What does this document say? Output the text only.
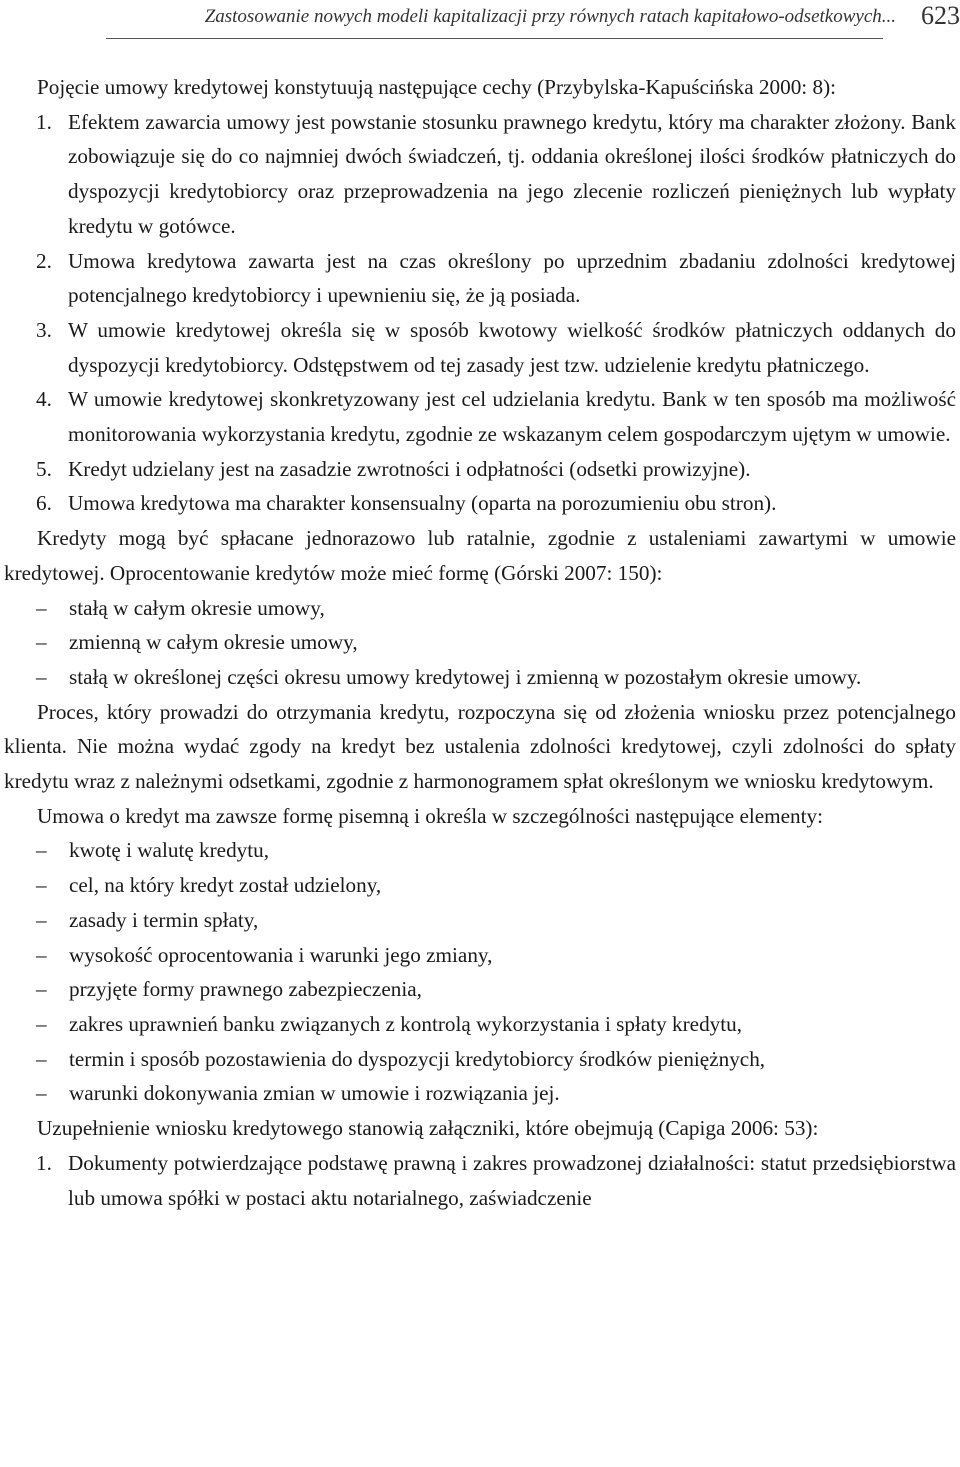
Zastosowanie nowych modeli kapitalizacji przy równych ratach kapitałowo-odsetkowych... 623

Pojęcie umowy kredytowej konstytuują następujące cechy (Przybylska-Kapuścińska 2000: 8):

1. Efektem zawarcia umowy jest powstanie stosunku prawnego kredytu, który ma charakter złożony. Bank zobowiązuje się do co najmniej dwóch świadczeń, tj. oddania określonej ilości środków płatniczych do dyspozycji kredytobiorcy oraz przeprowadzenia na jego zlecenie rozliczeń pieniężnych lub wypłaty kredytu w gotówce.
2. Umowa kredytowa zawarta jest na czas określony po uprzednim zbadaniu zdolności kredytowej potencjalnego kredytobiorcy i upewnieniu się, że ją posiada.
3. W umowie kredytowej określa się w sposób kwotowy wielkość środków płatniczych oddanych do dyspozycji kredytobiorcy. Odstępstwem od tej zasady jest tzw. udzielenie kredytu płatniczego.
4. W umowie kredytowej skonkretyzowany jest cel udzielania kredytu. Bank w ten sposób ma możliwość monitorowania wykorzystania kredytu, zgodnie ze wskazanym celem gospodarczym ujętym w umowie.
5. Kredyt udzielany jest na zasadzie zwrotności i odpłatności (odsetki prowizyjne).
6. Umowa kredytowa ma charakter konsensualny (oparta na porozumieniu obu stron).

Kredyty mogą być spłacane jednorazowo lub ratalnie, zgodnie z ustaleniami zawartymi w umowie kredytowej. Oprocentowanie kredytów może mieć formę (Górski 2007: 150):

–	stałą w całym okresie umowy,
–	zmienną w całym okresie umowy,
–	stałą w określonej części okresu umowy kredytowej i zmienną w pozostałym okresie umowy.

Proces, który prowadzi do otrzymania kredytu, rozpoczyna się od złożenia wniosku przez potencjalnego klienta. Nie można wydać zgody na kredyt bez ustalenia zdolności kredytowej, czyli zdolności do spłaty kredytu wraz z należnymi odsetkami, zgodnie z harmonogramem spłat określonym we wniosku kredytowym.

Umowa o kredyt ma zawsze formę pisemną i określa w szczególności następujące elementy:

–	kwotę i walutę kredytu,
–	cel, na który kredyt został udzielony,
–	zasady i termin spłaty,
–	wysokość oprocentowania i warunki jego zmiany,
–	przyjęte formy prawnego zabezpieczenia,
–	zakres uprawnień banku związanych z kontrolą wykorzystania i spłaty kredytu,
–	termin i sposób pozostawienia do dyspozycji kredytobiorcy środków pieniężnych,
–	warunki dokonywania zmian w umowie i rozwiązania jej.

Uzupełnienie wniosku kredytowego stanowią załączniki, które obejmują (Capiga 2006: 53):

1. Dokumenty potwierdzające podstawę prawną i zakres prowadzonej działalności: statut przedsiębiorstwa lub umowa spółki w postaci aktu notarialnego, zaświadczenie
